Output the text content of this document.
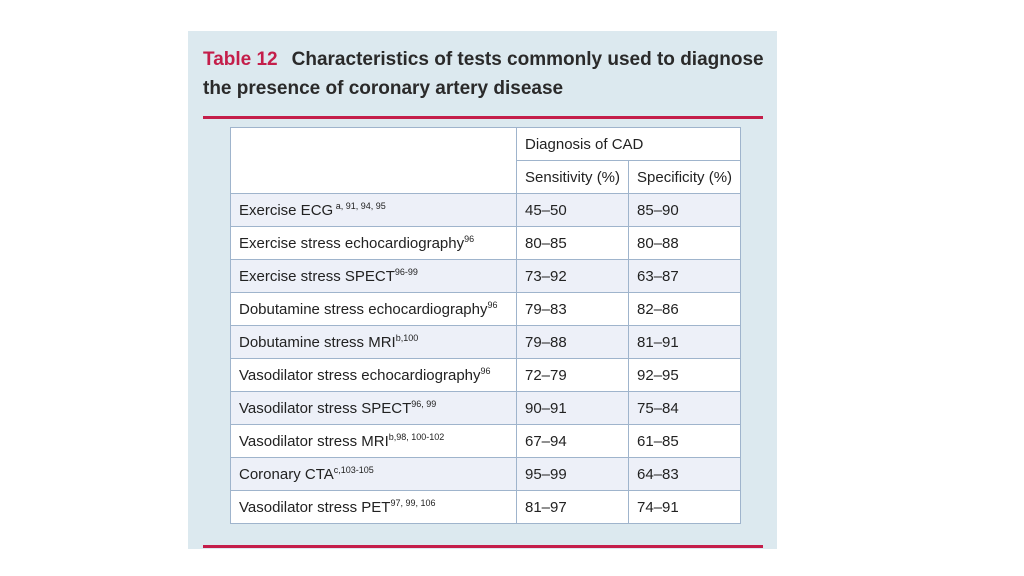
Table 12 Characteristics of tests commonly used to diagnose the presence of coronary artery disease

	Diagnosis of CAD	
	Sensitivity (%)	Specificity (%)
Exercise ECG $^{a, 91, 94, 95}$	45–50	85–90
Exercise stress echocardiography$^{96}$	80–85	80–88
Exercise stress SPECT$^{96-99}$	73–92	63–87
Dobutamine stress echocardiography$^{96}$	79–83	82–86
Dobutamine stress MRI$^{b,100}$	79–88	81–91
Vasodilator stress echocardiography$^{96}$	72–79	92–95
Vasodilator stress SPECT$^{96, 99}$	90–91	75–84
Vasodilator stress MRI$^{b,98, 100-102}$	67–94	61–85
Coronary CTA$^{c,103-105}$	95–99	64–83
Vasodilator stress PET$^{97, 99, 106}$	81–97	74–91
